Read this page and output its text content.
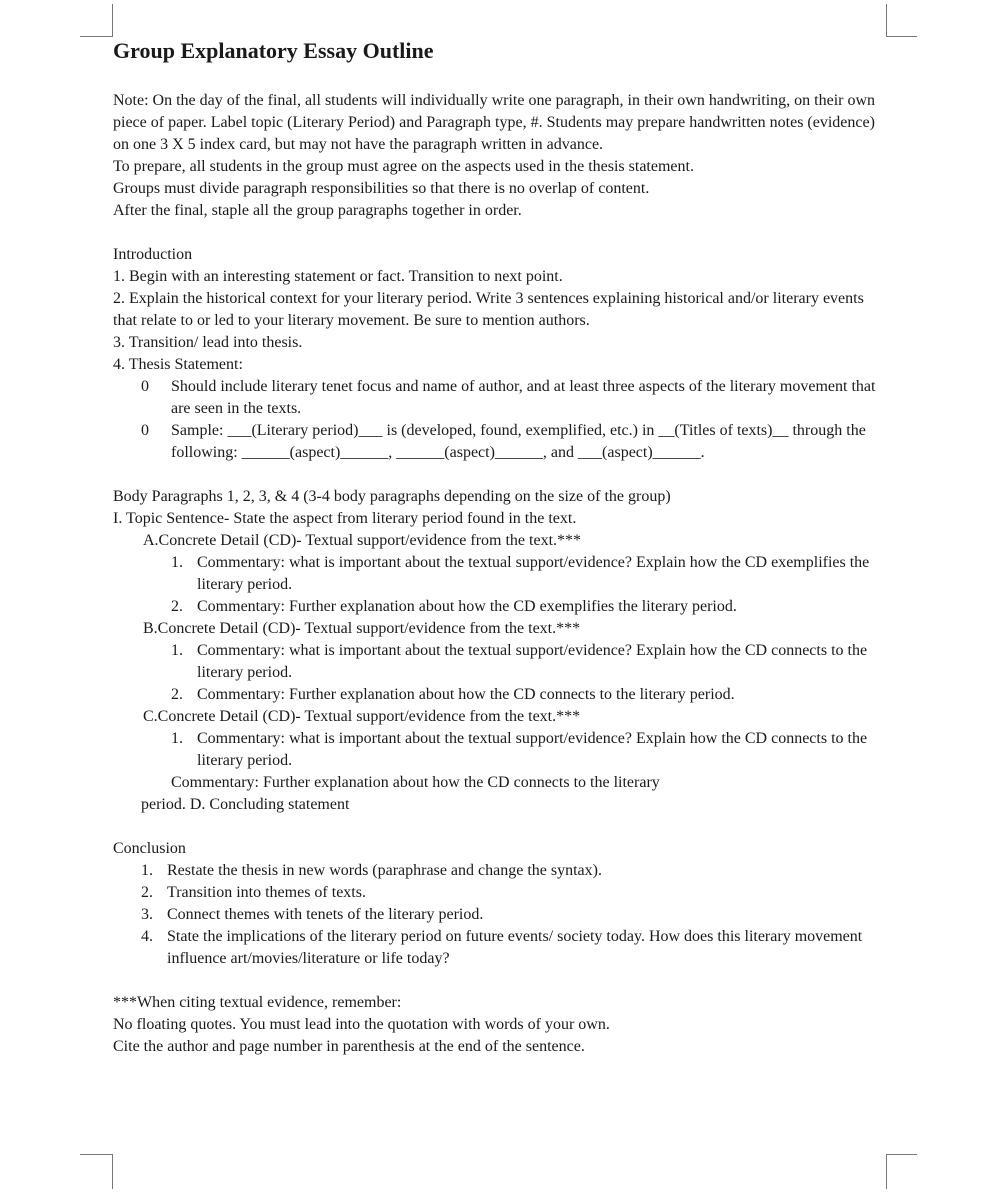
Group Explanatory Essay Outline

Note: On the day of the final, all students will individually write one paragraph, in their own handwriting, on their own piece of paper. Label topic (Literary Period) and Paragraph type, #. Students may prepare handwritten notes (evidence) on one 3 X 5 index card, but may not have the paragraph written in advance.

To prepare, all students in the group must agree on the aspects used in the thesis statement.

Groups must divide paragraph responsibilities so that there is no overlap of content.

After the final, staple all the group paragraphs together in order.

Introduction
1. Begin with an interesting statement or fact. Transition to next point.
2. Explain the historical context for your literary period. Write 3 sentences explaining historical and/or literary events that relate to or led to your literary movement. Be sure to mention authors.
3. Transition/ lead into thesis.
4. Thesis Statement:
0	Should include literary tenet focus and name of author, and at least three aspects of the literary movement that are seen in the texts.
0	Sample: ___(Literary period)___ is (developed, found, exemplified, etc.) in __(Titles of texts)__ through the following: ______(aspect)______, ______(aspect)______, and ___(aspect)______.
Body Paragraphs 1, 2, 3, & 4 (3-4 body paragraphs depending on the size of the group)
I. Topic Sentence- State the aspect from literary period found in the text.
A.Concrete Detail (CD)- Textual support/evidence from the text.***
1. Commentary: what is important about the textual support/evidence? Explain how the CD exemplifies the literary period.
2. Commentary: Further explanation about how the CD exemplifies the literary period.
B.Concrete Detail (CD)- Textual support/evidence from the text.***
1. Commentary: what is important about the textual support/evidence? Explain how the CD connects to the literary period.
2. Commentary: Further explanation about how the CD connects to the literary period.
C.Concrete Detail (CD)- Textual support/evidence from the text.***
1. Commentary: what is important about the textual support/evidence? Explain how the CD connects to the literary period.
Commentary: Further explanation about how the CD connects to the literary
period. D. Concluding statement
Conclusion
1. Restate the thesis in new words (paraphrase and change the syntax).
2. Transition into themes of texts.
3. Connect themes with tenets of the literary period.
4. State the implications of the literary period on future events/ society today. How does this literary movement influence art/movies/literature or life today?
***When citing textual evidence, remember:
No floating quotes. You must lead into the quotation with words of your own.
Cite the author and page number in parenthesis at the end of the sentence.
